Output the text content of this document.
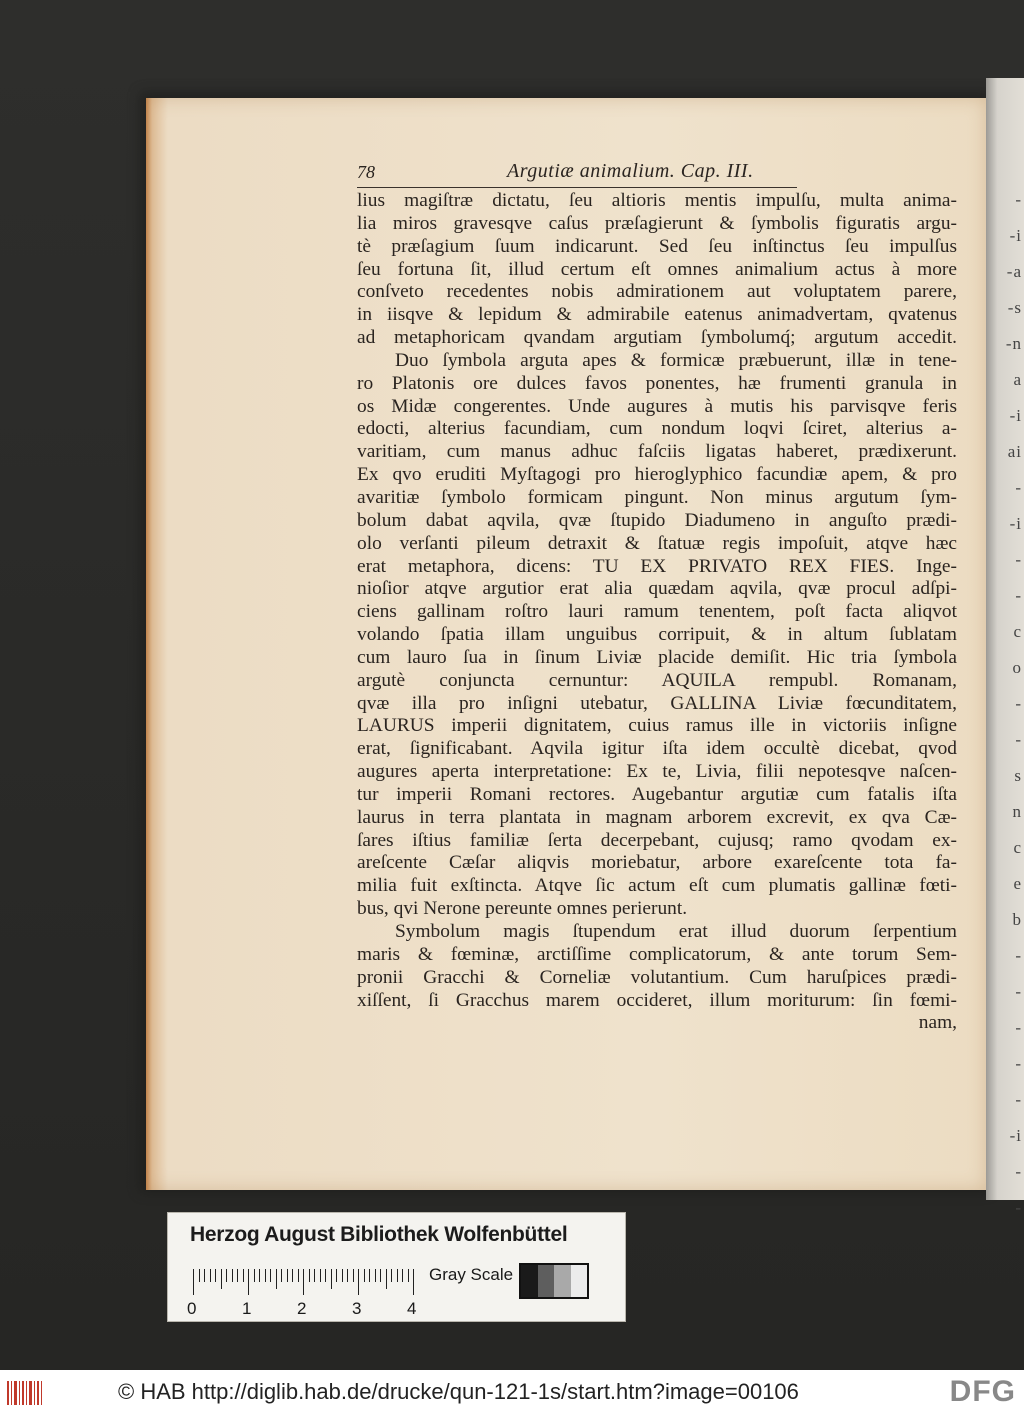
-
-i
-a
-s
-n
a
-i
ai
-
-i
-
-
c
o
-
-
s
n
c
e
b
-
-
-
-
-
-i
-
-
78	Argutiæ animalium. Cap. III.
lius magiſtræ dictatu, ſeu altioris mentis impulſu, multa anima-
lia miros gravesqve caſus præſagierunt & ſymbolis figuratis argu-
tè præſagium ſuum indicarunt. Sed ſeu inſtinctus ſeu impulſus
ſeu fortuna ſit, illud certum eſt omnes animalium actus à more
conſveto recedentes nobis admirationem aut voluptatem parere,
in iisqve & lepidum & admirabile eatenus animadvertam, qvatenus
ad metaphoricam qvandam argutiam ſymbolumq́; argutum accedit.
Duo ſymbola arguta apes & formicæ præbuerunt, illæ in tene-
ro Platonis ore dulces favos ponentes, hæ frumenti granula in
os Midæ congerentes. Unde augures à mutis his parvisqve feris
edocti, alterius facundiam, cum nondum loqvi ſciret, alterius a-
varitiam, cum manus adhuc faſciis ligatas haberet, prædixerunt.
Ex qvo eruditi Myſtagogi pro hieroglyphico facundiæ apem, & pro
avaritiæ ſymbolo formicam pingunt. Non minus argutum ſym-
bolum dabat aqvila, qvæ ſtupido Diadumeno in anguſto prædi-
olo verſanti pileum detraxit & ſtatuæ regis impoſuit, atqve hæc
erat metaphora, dicens: TU EX PRIVATO REX FIES. Inge-
nioſior atqve argutior erat alia quædam aqvila, qvæ procul adſpi-
ciens gallinam roſtro lauri ramum tenentem, poſt facta aliqvot
volando ſpatia illam unguibus corripuit, & in altum ſublatam
cum lauro ſua in ſinum Liviæ placide demiſit. Hic tria ſymbola
argutè conjuncta cernuntur: AQUILA rempubl. Romanam,
qvæ illa pro inſigni utebatur, GALLINA Liviæ fœcunditatem,
LAURUS imperii dignitatem, cuius ramus ille in victoriis inſigne
erat, ſignificabant. Aqvila igitur iſta idem occultè dicebat, qvod
augures aperta interpretatione: Ex te, Livia, filii nepotesqve naſcen-
tur imperii Romani rectores. Augebantur argutiæ cum fatalis iſta
laurus in terra plantata in magnam arborem excrevit, ex qva Cæ-
ſares iſtius familiæ ſerta decerpebant, cujusq; ramo qvodam ex-
areſcente Cæſar aliqvis moriebatur, arbore exareſcente tota fa-
milia fuit exſtincta. Atqve ſic actum eſt cum plumatis gallinæ fœti-
bus, qvi Nerone pereunte omnes perierunt.
Symbolum magis ſtupendum erat illud duorum ſerpentium
maris & fœminæ, arctiſſime complicatorum, & ante torum Sem-
pronii Gracchi & Corneliæ volutantium. Cum haruſpices prædi-
xiſſent, ſi Gracchus marem occideret, illum moriturum: ſin fœmi-
nam,
Herzog August Bibliothek Wolfenbüttel
0	1	2	3	4
Gray Scale
© HAB http://diglib.hab.de/drucke/qun-121-1s/start.htm?image=00106	DFG
